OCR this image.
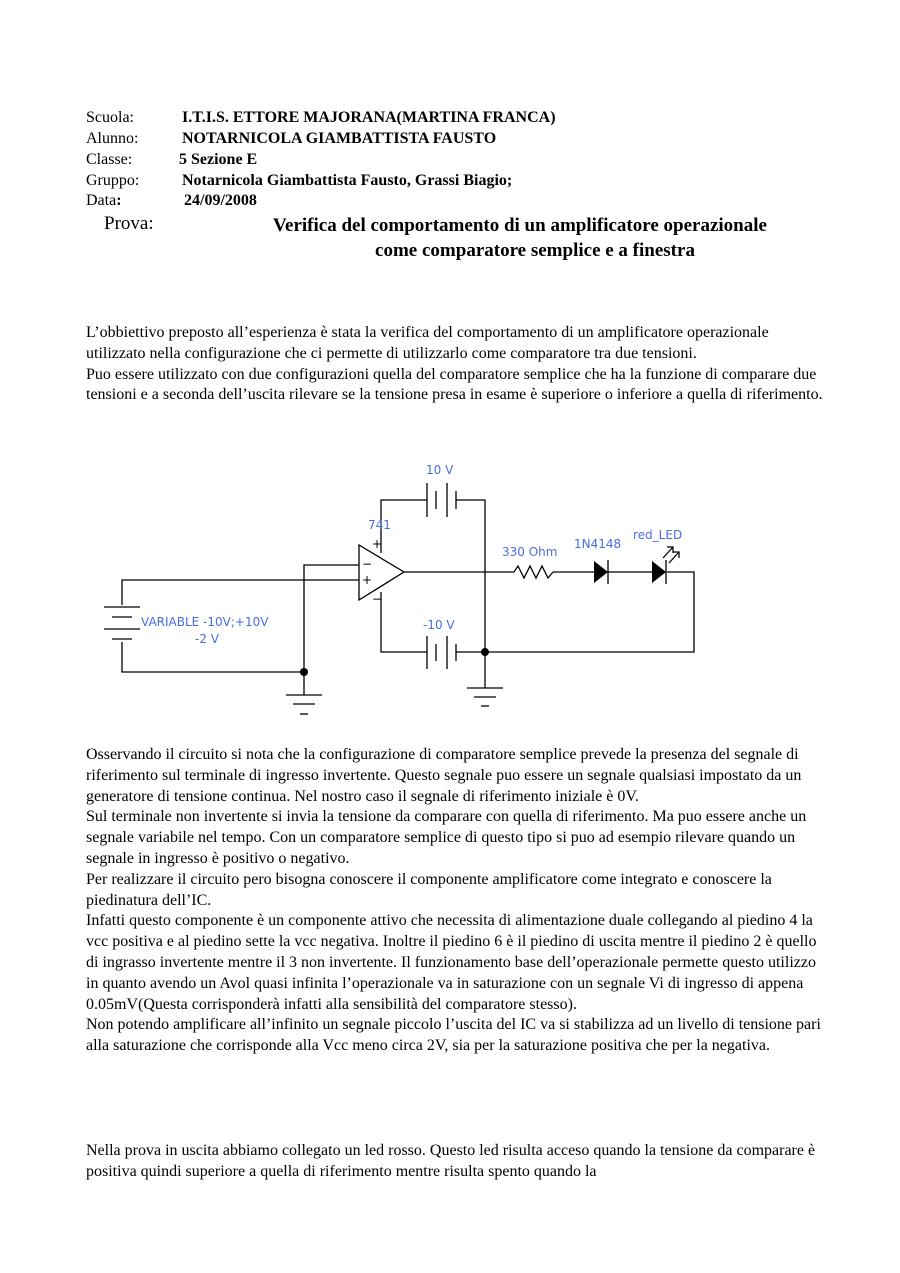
Scuola:	I.T.I.S. ETTORE MAJORANA(MARTINA FRANCA)
Alunno:	NOTARNICOLA GIAMBATTISTA FAUSTO
Classe:	5 Sezione E
Gruppo:	Notarnicola Giambattista Fausto, Grassi Biagio;
Data:	24/09/2008
Prova:	Verifica del comportamento di un amplificatore operazionale
come comparatore semplice e a finestra

L’obbiettivo preposto all’esperienza è stata la verifica del comportamento di un amplificatore operazionale utilizzato nella configurazione che ci permette di utilizzarlo come comparatore tra due tensioni.

Puo essere utilizzato con due configurazioni quella del comparatore semplice che ha la funzione di comparare due tensioni e a seconda dell’uscita rilevare se la tensione presa in esame è superiore o inferiore a quella di riferimento.

+
−
+
−
10 V
-10 V
741
330 Ohm
1N4148
red_LED
VARIABLE -10V;+10V
-2 V

Osservando il circuito si nota che la configurazione di comparatore semplice prevede la presenza del segnale di riferimento sul terminale di ingresso invertente. Questo segnale puo essere un segnale qualsiasi impostato da un generatore di tensione continua. Nel nostro caso il segnale di riferimento iniziale è 0V.

Sul terminale non invertente si invia la tensione da comparare con quella di riferimento. Ma puo essere anche un segnale variabile nel tempo. Con un comparatore semplice di questo tipo si puo ad esempio rilevare quando un segnale in ingresso è positivo o negativo.

Per realizzare il circuito pero bisogna conoscere il componente amplificatore come integrato e conoscere la piedinatura dell’IC.

Infatti questo componente è un componente attivo che necessita di alimentazione duale collegando al piedino 4 la vcc positiva e al piedino sette la vcc negativa. Inoltre il piedino 6 è il piedino di uscita mentre il piedino 2 è quello di ingrasso invertente mentre il 3 non invertente. Il funzionamento base dell’operazionale permette questo utilizzo in quanto avendo un Avol quasi infinita l’operazionale va in saturazione con un segnale Vi di ingresso di appena 0.05mV(Questa corrisponderà infatti alla sensibilità del comparatore stesso).

Non potendo amplificare all’infinito un segnale piccolo l’uscita del IC va si stabilizza ad un livello di tensione pari alla saturazione che corrisponde alla Vcc meno circa 2V, sia per la saturazione positiva che per la negativa.

Nella prova in uscita abbiamo collegato un led rosso. Questo led risulta acceso quando la tensione da comparare è positiva quindi superiore a quella di riferimento mentre risulta spento quando la
